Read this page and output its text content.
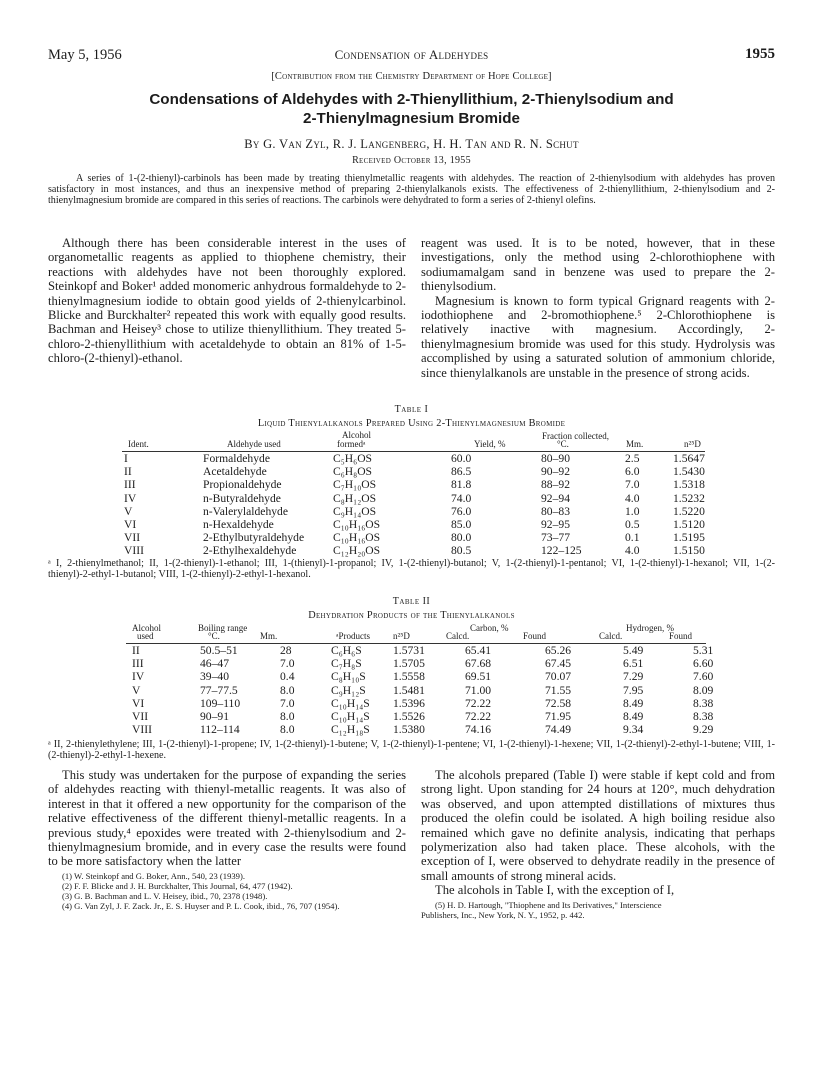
May 5, 1956	Condensation of Aldehydes	1955
[Contribution from the Chemistry Department of Hope College]
Condensations of Aldehydes with 2-Thienyllithium, 2-Thienylsodium and
2-Thienylmagnesium Bromide
By G. Van Zyl, R. J. Langenberg, H. H. Tan and R. N. Schut
Received October 13, 1955

A series of 1-(2-thienyl)-carbinols has been made by treating thienylmetallic reagents with aldehydes. The reaction of 2-thienylsodium with aldehydes has proven satisfactory in most instances, and thus an inexpensive method of preparing 2-thienylalkanols exists. The effectiveness of 2-thienyllithium, 2-thienylsodium and 2-thienylmagnesium bromide are compared in this series of reactions. The carbinols were dehydrated to form a series of 2-thienyl olefins.

Although there has been considerable interest in the uses of organometallic reagents as applied to thiophene chemistry, their reactions with aldehydes have not been thoroughly explored. Steinkopf and Boker¹ added monomeric anhydrous formaldehyde to 2-thienylmagnesium iodide to obtain good yields of 2-thienylcarbinol. Blicke and Burckhalter² repeated this work with equally good results. Bachman and Heisey³ chose to utilize thienyllithium. They treated 5-chloro-2-thienyllithium with acetaldehyde to obtain an 81% of 1-5-chloro-(2-thienyl)-ethanol.

reagent was used. It is to be noted, however, that in these investigations, only the method using 2-chlorothiophene with sodiumamalgam sand in benzene was used to prepare the 2-thienylsodium.

Magnesium is known to form typical Grignard reagents with 2-iodothiophene and 2-bromothiophene.⁵ 2-Chlorothiophene is relatively inactive with magnesium. Accordingly, 2-thienylmagnesium bromide was used for this study. Hydrolysis was accomplished by using a saturated solution of ammonium chloride, since thienylalkanols are unstable in the presence of strong acids.

Table I
Liquid Thienylalkanols Prepared Using 2-Thienylmagnesium Bromide
Alcohol	Fraction collected,
Ident.	Aldehyde used	formedᵃ	Yield, %	°C.	Mm.	n²⁵D
I	Formaldehyde	C₅H₆OS	60.0	80–90	2.5	1.5647
II	Acetaldehyde	C₆H₈OS	86.5	90–92	6.0	1.5430
III	Propionaldehyde	C₇H₁₀OS	81.8	88–92	7.0	1.5318
IV	n-Butyraldehyde	C₈H₁₂OS	74.0	92–94	4.0	1.5232
V	n-Valerylaldehyde	C₉H₁₄OS	76.0	80–83	1.0	1.5220
VI	n-Hexaldehyde	C₁₀H₁₆OS	85.0	92–95	0.5	1.5120
VII	2-Ethylbutyraldehyde	C₁₀H₁₆OS	80.0	73–77	0.1	1.5195
VIII	2-Ethylhexaldehyde	C₁₂H₂₀OS	80.5	122–125	4.0	1.5150
ᵃ I, 2-thienylmethanol; II, 1-(2-thienyl)-1-ethanol; III, 1-(thienyl)-1-propanol; IV, 1-(2-thienyl)-butanol; V, 1-(2-thienyl)-1-pentanol; VI, 1-(2-thienyl)-1-hexanol; VII, 1-(2-thienyl)-2-ethyl-1-butanol; VIII, 1-(2-thienyl)-2-ethyl-1-hexanol.
Table II
Dehydration Products of the Thienylalkanols
Alcohol	Boiling range	Carbon, %	Hydrogen, %
used	°C.	Mm.	ᵃProducts	n²⁵D	Calcd.	Found	Calcd.	Found
II	50.5–51	28	C₆H₆S	1.5731	65.41	65.26	5.49	5.31
III	46–47	7.0	C₇H₈S	1.5705	67.68	67.45	6.51	6.60
IV	39–40	0.4	C₈H₁₀S	1.5558	69.51	70.07	7.29	7.60
V	77–77.5	8.0	C₉H₁₂S	1.5481	71.00	71.55	7.95	8.09
VI	109–110	7.0	C₁₀H₁₄S	1.5396	72.22	72.58	8.49	8.38
VII	90–91	8.0	C₁₀H₁₄S	1.5526	72.22	71.95	8.49	8.38
VIII	112–114	8.0	C₁₂H₁₈S	1.5380	74.16	74.49	9.34	9.29
ᵃ II, 2-thienylethylene; III, 1-(2-thienyl)-1-propene; IV, 1-(2-thienyl)-1-butene; V, 1-(2-thienyl)-1-pentene; VI, 1-(2-thienyl)-1-hexene; VII, 1-(2-thienyl)-2-ethyl-1-butene; VIII, 1-(2-thienyl)-2-ethyl-1-hexene.

This study was undertaken for the purpose of expanding the series of aldehydes reacting with thienyl-metallic reagents. It was also of interest in that it offered a new opportunity for the comparison of the relative effectiveness of the different thienyl-metallic reagents. In a previous study,⁴ epoxides were treated with 2-thienylsodium and 2-thienylmagnesium bromide, and in every case the results were found to be more satisfactory when the latter

(1) W. Steinkopf and G. Boker, Ann., 540, 23 (1939).
(2) F. F. Blicke and J. H. Burckhalter, This Journal, 64, 477 (1942).
(3) G. B. Bachman and L. V. Heisey, ibid., 70, 2378 (1948).
(4) G. Van Zyl, J. F. Zack. Jr., E. S. Huyser and P. L. Cook, ibid., 76, 707 (1954).

The alcohols prepared (Table I) were stable if kept cold and from strong light. Upon standing for 24 hours at 120°, much dehydration was observed, and upon attempted distillations of mixtures thus produced the olefin could be isolated. A high boiling residue also remained which gave no definite analysis, indicating that perhaps polymerization also had taken place. These alcohols, with the exception of I, were observed to dehydrate readily in the presence of small amounts of strong mineral acids.

The alcohols in Table I, with the exception of I,

(5) H. D. Hartough, "Thiophene and Its Derivatives," Interscience
Publishers, Inc., New York, N. Y., 1952, p. 442.
